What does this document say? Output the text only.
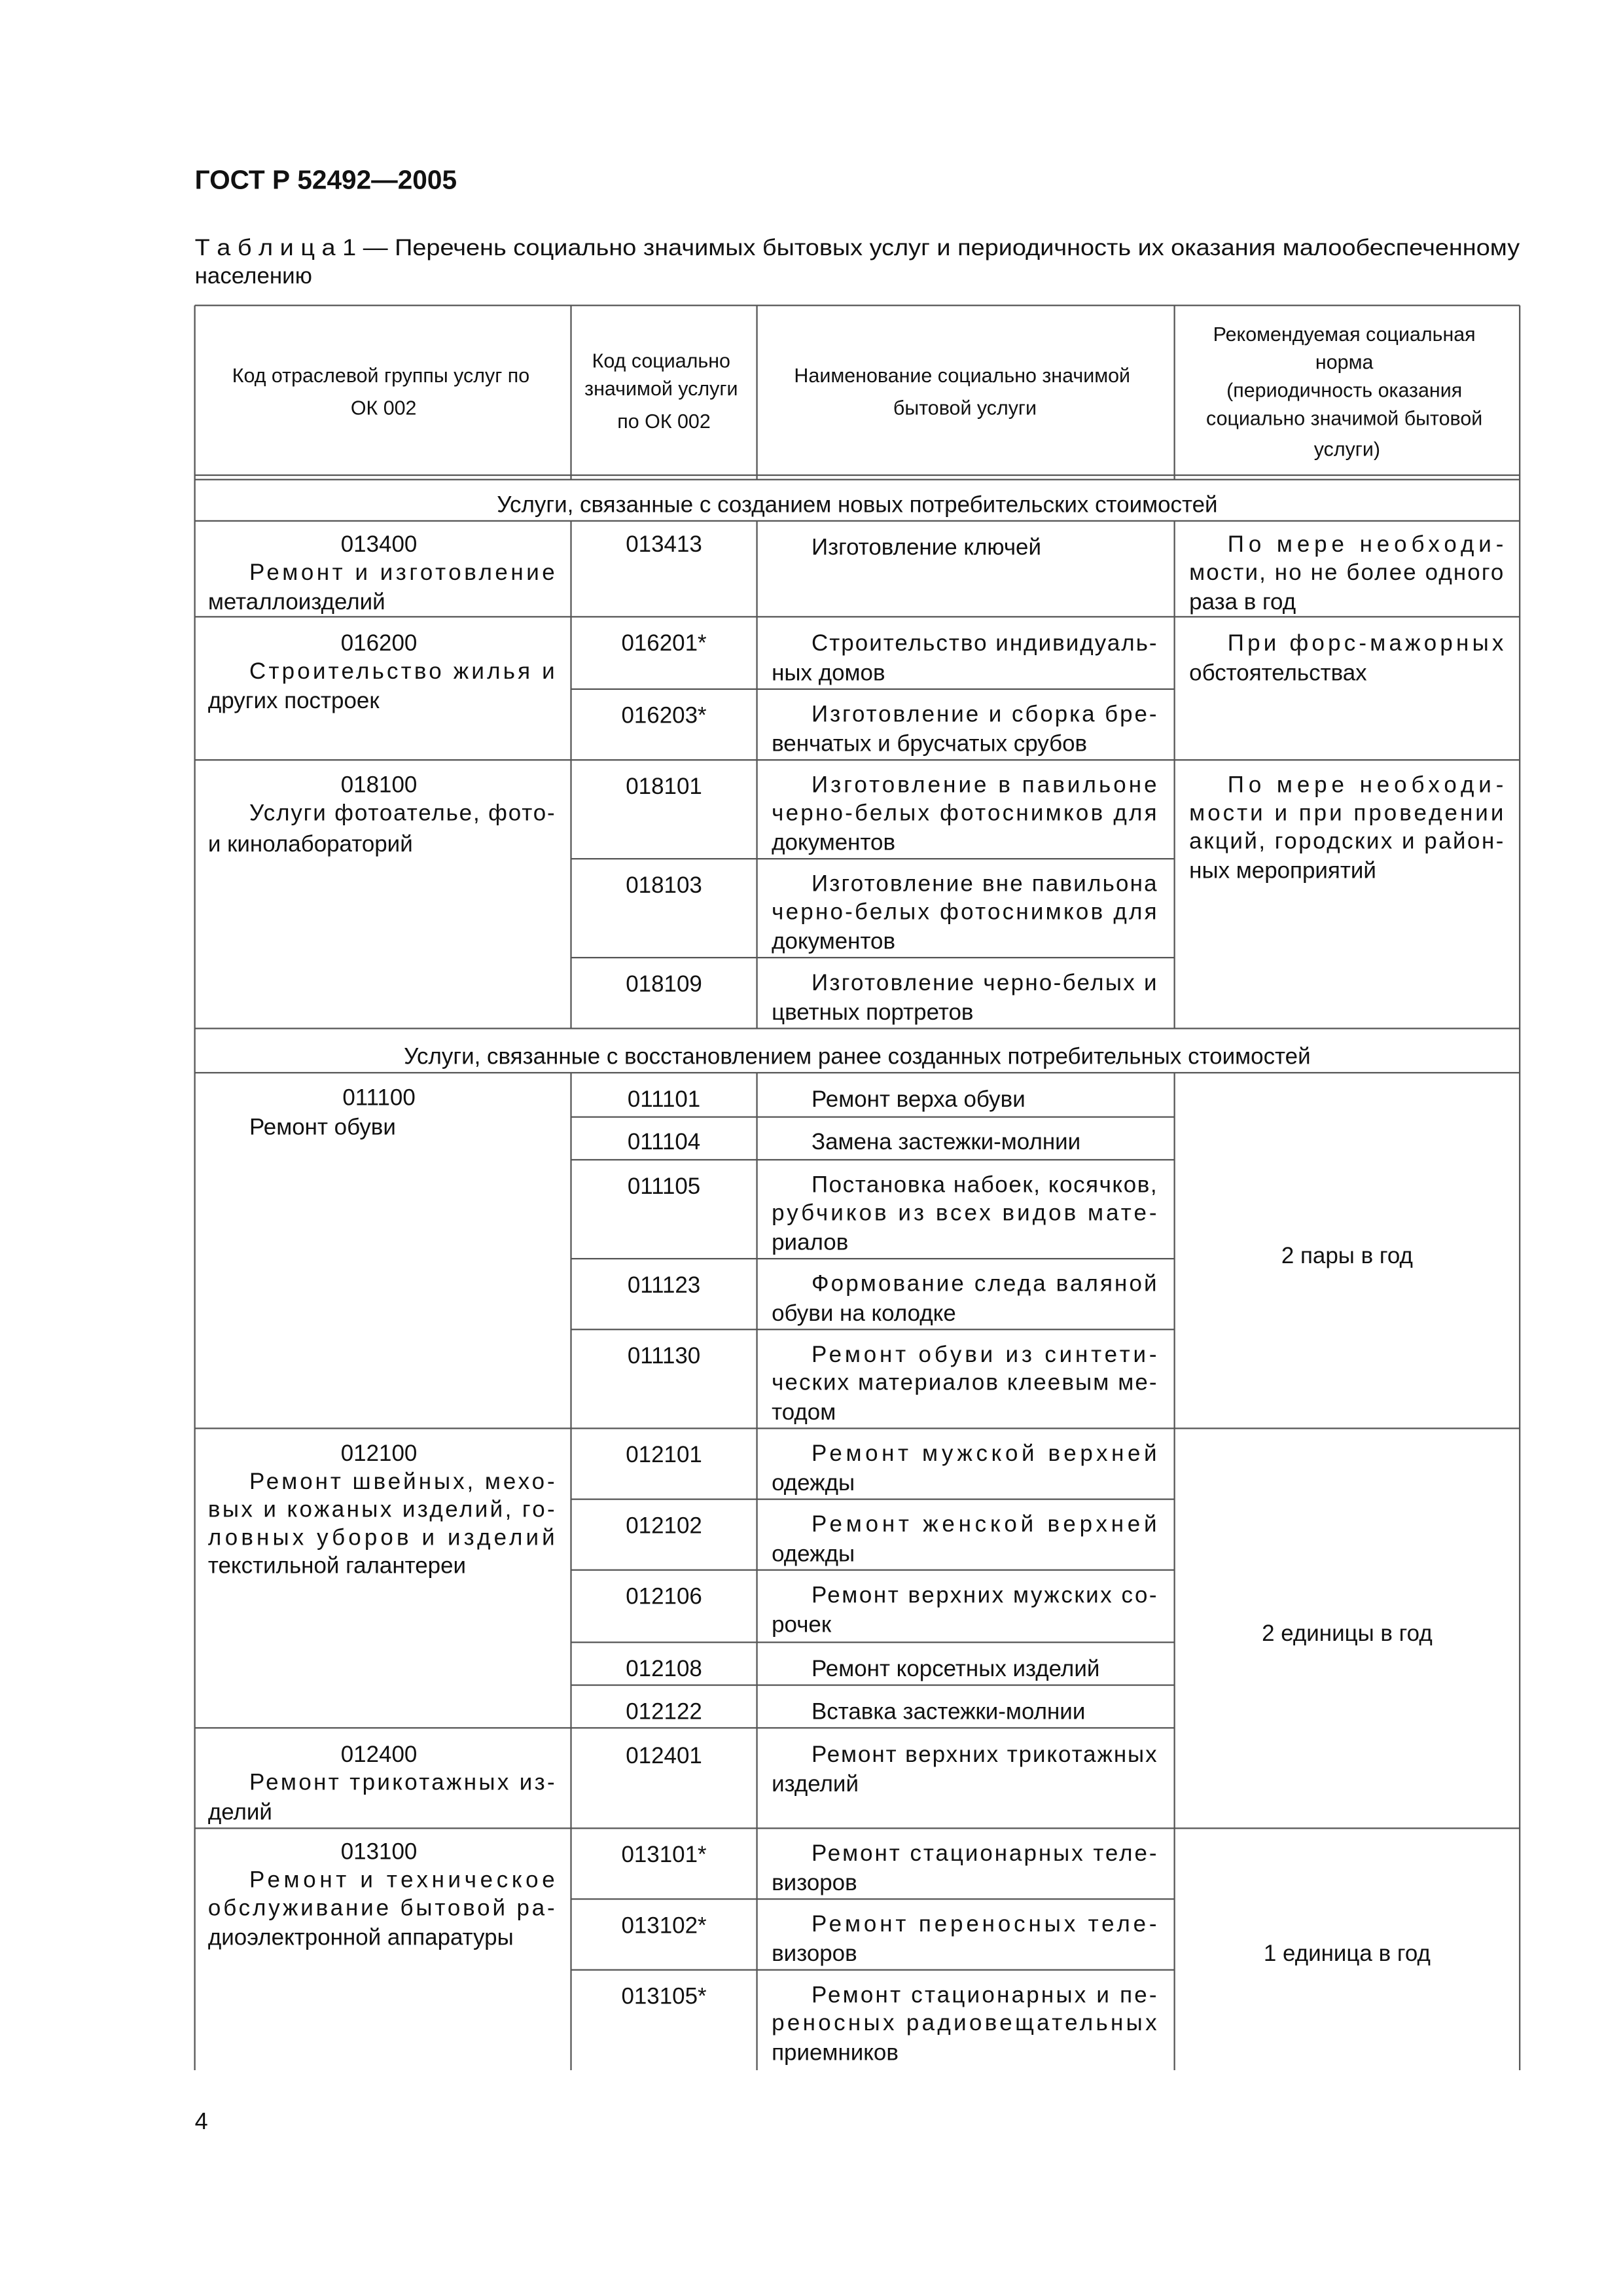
ГОСТ Р 52492—2005
Т а б л и ц а 1 — Перечень социально значимых бытовых услуг и периодичность их оказания малообеспеченному
населению
Код отраслевой группы услуг по ОК 002
Код социально значимой услуги по ОК 002
Наименование социально значимой бытовой услуги
Рекомендуемая социальная норма (периодичность оказания социально значимой бытовой услуги)
Услуги, связанные с созданием новых потребительских стоимостей
Услуги, связанные с восстановлением ранее созданных потребительных стоимостей
013400 Ремонт и изготовление металлоизделий
016200 Строительство жилья и других построек
018100 Услуги фотоателье, фото- и кинолабораторий
011100 Ремонт обуви
012100 Ремонт швейных, мехо- вых и кожаных изделий, го- ловных уборов и изделий текстильной галантереи
012400 Ремонт трикотажных из- делий
013100 Ремонт и техническое обслуживание бытовой ра- диоэлектронной аппаратуры
013413
016201*
016203*
018101
018103
018109
011101
011104
011105
011123
011130
012101
012102
012106
012108
012122
012401
013101*
013102*
013105*
Изготовление ключей
Строительство индивидуаль- ных домов
Изготовление и сборка бре- венчатых и брусчатых срубов
Изготовление в павильоне черно-белых фотоснимков для документов
Изготовление вне павильона черно-белых фотоснимков для документов
Изготовление черно-белых и цветных портретов
Ремонт верха обуви
Замена застежки-молнии
Постановка набоек, косячков, рубчиков из всех видов мате- риалов
Формование следа валяной обуви на колодке
Ремонт обуви из синтети- ческих материалов клеевым ме- тодом
Ремонт мужской верхней одежды
Ремонт женской верхней одежды
Ремонт верхних мужских со- рочек
Ремонт корсетных изделий
Вставка застежки-молнии
Ремонт верхних трикотажных изделий
Ремонт стационарных теле- визоров
Ремонт переносных теле- визоров
Ремонт стационарных и пе- реносных радиовещательных приемников
По мере необходи- мости, но не более одного раза в год
При форс-мажорных обстоятельствах
По мере необходи- мости и при проведении акций, городских и район- ных мероприятий
2 пары в год
2 единицы в год
1 единица в год
4
